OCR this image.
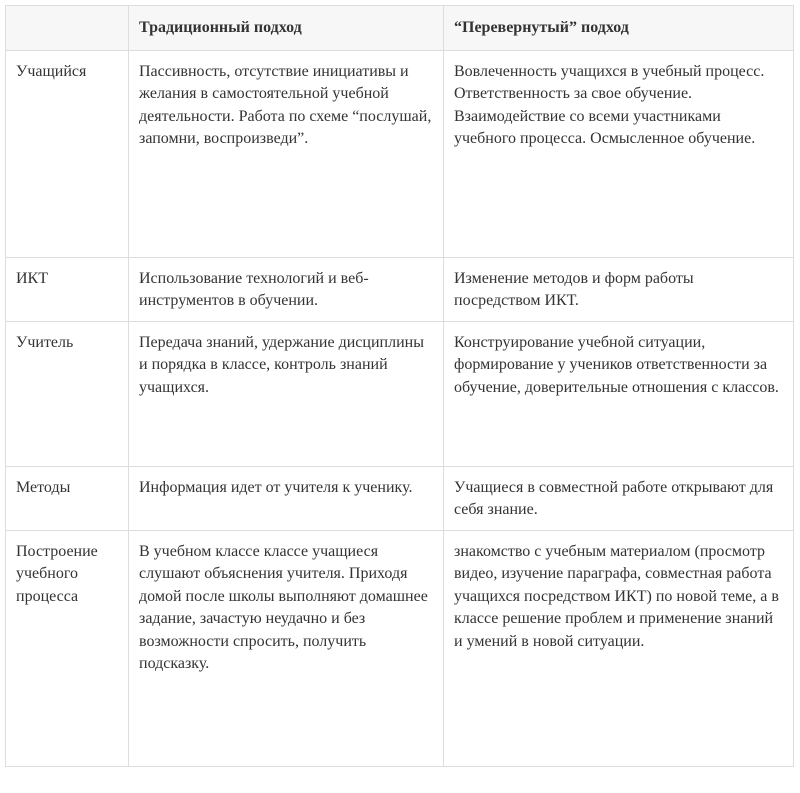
	Традиционный подход	“Перевернутый” подход
Учащийся	Пассивность, отсутствие инициативы и желания в самостоятельной учебной деятельности. Работа по схеме “послушай, запомни, воспроизведи”.	Вовлеченность учащихся в учебный процесс. Ответственность за свое обучение. Взаимодействие со всеми участниками учебного процесса. Осмысленное обучение.
ИКТ	Использование технологий и веб-инструментов в обучении.	Изменение методов и форм работы посредством ИКТ.
Учитель	Передача знаний, удержание дисциплины и порядка в классе, контроль знаний учащихся.	Конструирование учебной ситуации, формирование у учеников ответственности за обучение, доверительные отношения с классов.
Методы	Информация идет от учителя к ученику.	Учащиеся в совместной работе открывают для себя знание.
Построение учебного процесса	В учебном классе классе учащиеся слушают объяснения учителя. Приходя домой после школы выполняют домашнее задание, зачастую неудачно и без возможности спросить, получить подсказку.	знакомство с учебным материалом (просмотр видео, изучение параграфа, совместная работа учащихся посредством ИКТ) по новой теме, а в классе решение проблем и применение знаний и умений в новой ситуации.
